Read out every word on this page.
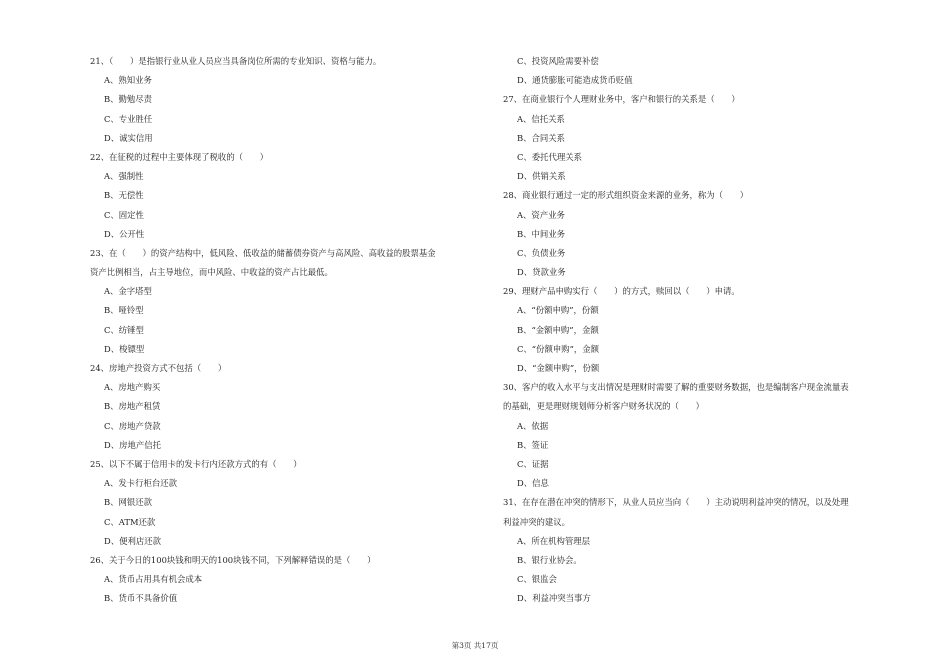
21、（　　）是指银行业从业人员应当具备岗位所需的专业知识、资格与能力。
A、熟知业务
B、勤勉尽责
C、专业胜任
D、诚实信用
22、在征税的过程中主要体现了税收的（　　）
A、强制性
B、无偿性
C、固定性
D、公开性
23、在（　　）的资产结构中，低风险、低收益的储蓄债券资产与高风险、高收益的股票基金
资产比例相当，占主导地位，而中风险、中收益的资产占比最低。
A、金字塔型
B、哑铃型
C、纺锤型
D、梭镖型
24、房地产投资方式不包括（　　）
A、房地产购买
B、房地产租赁
C、房地产贷款
D、房地产信托
25、以下不属于信用卡的发卡行内还款方式的有（　　）
A、发卡行柜台还款
B、网银还款
C、ATM还款
D、便利店还款
26、关于今日的100块钱和明天的100块钱不同，下列解释错误的是（　　）
A、货币占用具有机会成本
B、货币不具备价值
C、投资风险需要补偿
D、通货膨胀可能造成货币贬值
27、在商业银行个人理财业务中，客户和银行的关系是（　　）
A、信托关系
B、合同关系
C、委托代理关系
D、供销关系
28、商业银行通过一定的形式组织资金来源的业务，称为（　　）
A、资产业务
B、中间业务
C、负债业务
D、贷款业务
29、理财产品申购实行（　　）的方式，赎回以（　　）申请。
A、“份额申购”，份额
B、“金额申购”，金额
C、“份额申购”，金额
D、“金额申购”，份额
30、客户的收入水平与支出情况是理财时需要了解的重要财务数据，也是编制客户现金流量表
的基础，更是理财规划师分析客户财务状况的（　　）
A、依据
B、签证
C、证据
D、信息
31、在存在潜在冲突的情形下，从业人员应当向（　　）主动说明利益冲突的情况，以及处理
利益冲突的建议。
A、所在机构管理层
B、银行业协会。
C、银监会
D、利益冲突当事方
第3页 共17页
